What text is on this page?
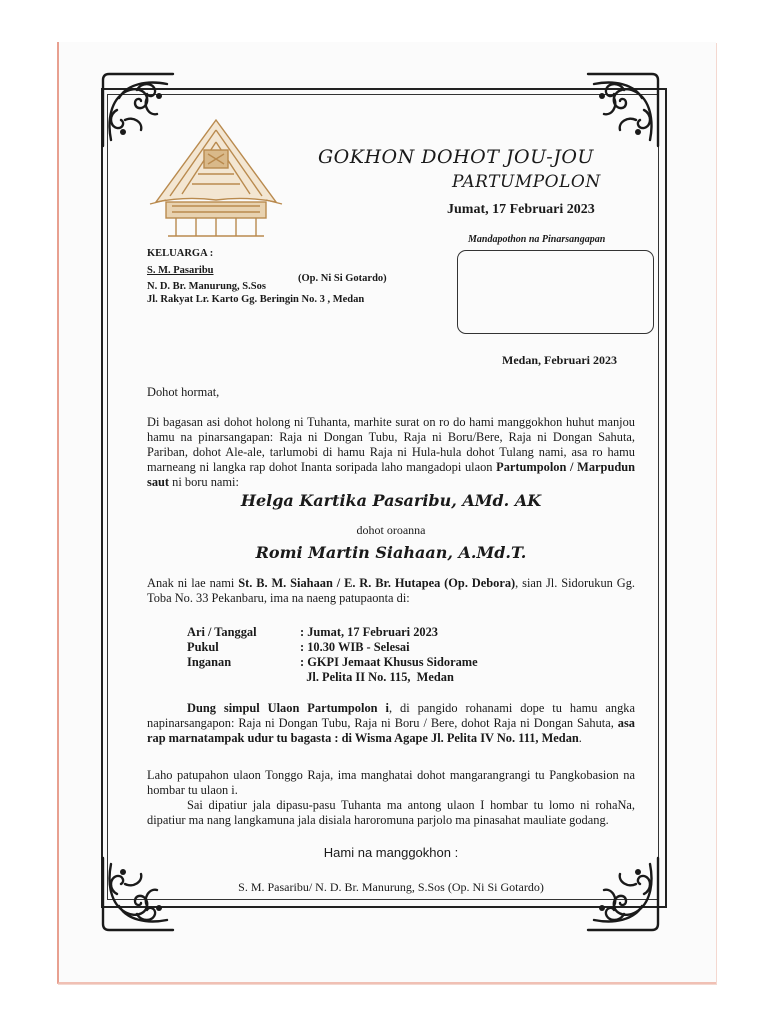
GOKHON DOHOT JOU-JOU
PARTUMPOLON
Jumat, 17 Februari 2023
Mandapothon na Pinarsangapan
KELUARGA :
S. M. Pasaribu
N. D. Br. Manurung, S.Sos
(Op. Ni Si Gotardo)
Jl. Rakyat Lr. Karto Gg. Beringin No. 3 , Medan
Medan, Februari 2023
Dohot hormat,
Di bagasan asi dohot holong ni Tuhanta, marhite surat on ro do hami manggokhon huhut manjou hamu na pinarsangapan: Raja ni Dongan Tubu, Raja ni Boru/Bere, Raja ni Dongan Sahuta, Pariban, dohot Ale-ale, tarlumobi di hamu Raja ni Hula-hula dohot Tulang nami, asa ro hamu marneang ni langka rap dohot Inanta soripada laho mangadopi ulaon Partumpolon / Marpudun saut ni boru nami:
Helga Kartika Pasaribu, AMd. AK
dohot oroanna
Romi Martin Siahaan, A.Md.T.
Anak ni lae nami St. B. M. Siahaan / E. R. Br. Hutapea (Op. Debora), sian Jl. Sidorukun Gg. Toba No. 33 Pekanbaru, ima na naeng patupaonta di:
Ari / Tanggal	: Jumat, 17 Februari 2023
Pukul	: 10.30 WIB - Selesai
Inganan	: GKPI Jemaat Khusus Sidorame
Jl. Pelita II No. 115,  Medan
Dung simpul Ulaon Partumpolon i, di pangido rohanami dope tu hamu angka napinarsangapon: Raja ni Dongan Tubu, Raja ni Boru / Bere, dohot Raja ni Dongan Sahuta, asa rap marnatampak udur tu bagasta : di Wisma Agape Jl. Pelita IV No. 111, Medan.
Laho patupahon ulaon Tonggo Raja, ima manghatai dohot mangarangrangi tu Pangkobasion na hombar tu ulaon i.
Sai dipatiur jala dipasu-pasu Tuhanta ma antong ulaon I hombar tu lomo ni rohaNa, dipatiur ma nang langkamuna jala disiala haroromuna parjolo ma pinasahat mauliate godang.
Hami na manggokhon :
S. M. Pasaribu/ N. D. Br. Manurung, S.Sos (Op. Ni Si Gotardo)
